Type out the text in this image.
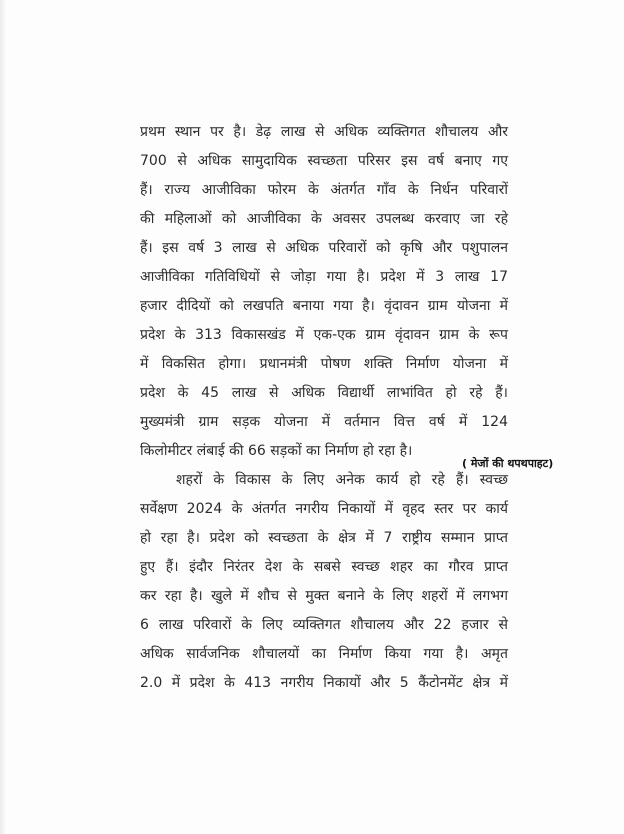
प्रथम स्थान पर है। डेढ़ लाख से अधिक व्यक्तिगत शौचालय और
700 से अधिक सामुदायिक स्वच्छता परिसर इस वर्ष बनाए गए
हैं। राज्य आजीविका फोरम के अंतर्गत गाँव के निर्धन परिवारों
की महिलाओं को आजीविका के अवसर उपलब्ध करवाए जा रहे
हैं। इस वर्ष 3 लाख से अधिक परिवारों को कृषि और पशुपालन
आजीविका गतिविधियों से जोड़ा गया है। प्रदेश में 3 लाख 17
हजार दीदियों को लखपति बनाया गया है। वृंदावन ग्राम योजना में
प्रदेश के 313 विकासखंड में एक-एक ग्राम वृंदावन ग्राम के रूप
में विकसित होगा। प्रधानमंत्री पोषण शक्ति निर्माण योजना में
प्रदेश के 45 लाख से अधिक विद्यार्थी लाभांवित हो रहे हैं।
मुख्यमंत्री ग्राम सड़क योजना में वर्तमान वित्त वर्ष में 124
किलोमीटर लंबाई की 66 सड़कों का निर्माण हो रहा है।
शहरों के विकास के लिए अनेक कार्य हो रहे हैं। स्वच्छ
सर्वेक्षण 2024 के अंतर्गत नगरीय निकायों में वृहद स्तर पर कार्य
हो रहा है। प्रदेश को स्वच्छता के क्षेत्र में 7 राष्ट्रीय सम्मान प्राप्त
हुए हैं। इंदौर निरंतर देश के सबसे स्वच्छ शहर का गौरव प्राप्त
कर रहा है। खुले में शौच से मुक्त बनाने के लिए शहरों में लगभग
6 लाख परिवारों के लिए व्यक्तिगत शौचालय और 22 हजार से
अधिक सार्वजनिक शौचालयों का निर्माण किया गया है। अमृत
2.0 में प्रदेश के 413 नगरीय निकायों और 5 कैंटोनमेंट क्षेत्र में
( मेजों की थपथपाहट)
